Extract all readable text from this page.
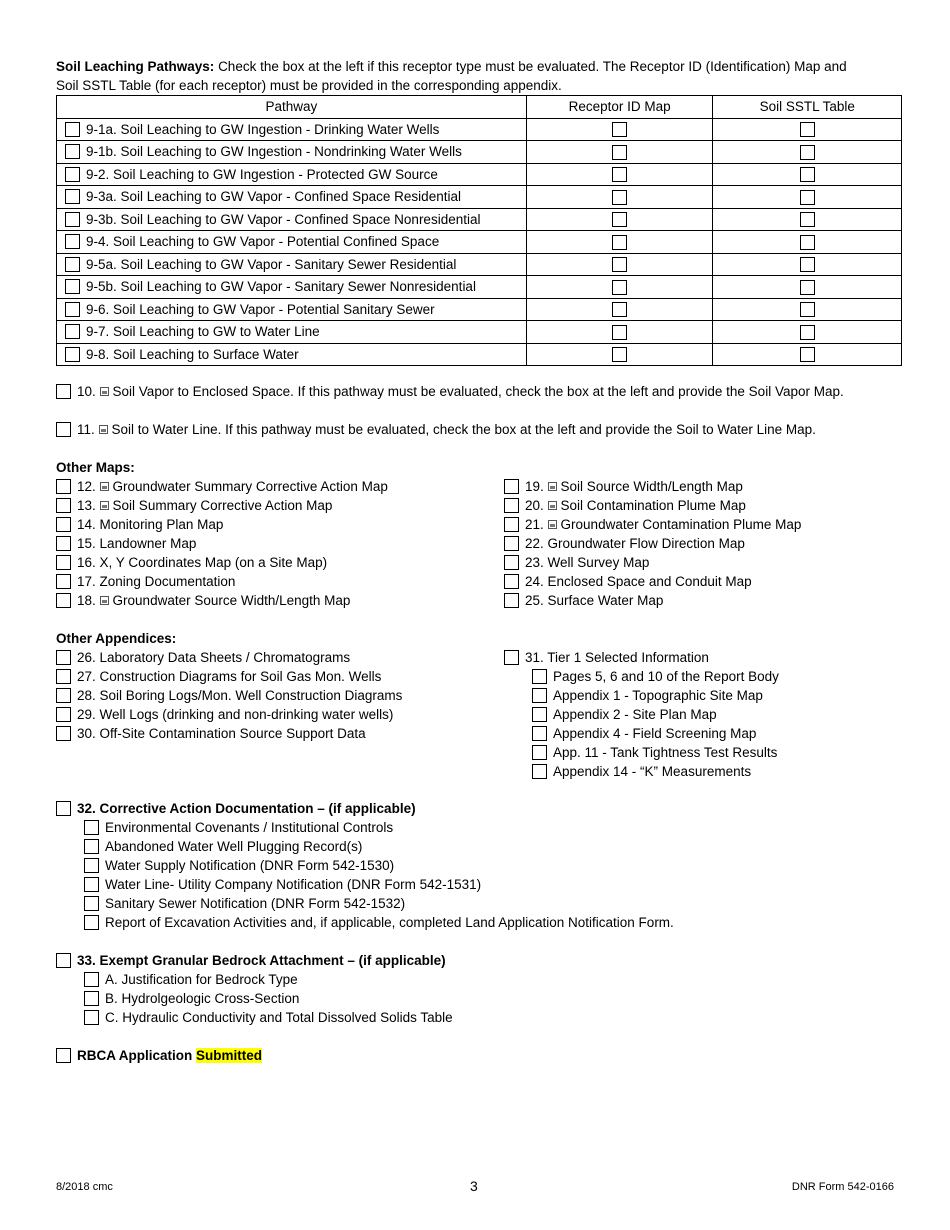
Soil Leaching Pathways: Check the box at the left if this receptor type must be evaluated. The Receptor ID (Identification) Map and
Soil SSTL Table (for each receptor) must be provided in the corresponding appendix.
Pathway	Receptor ID Map	Soil SSTL Table
9-1a. Soil Leaching to GW Ingestion - Drinking Water Wells		
9-1b. Soil Leaching to GW Ingestion - Nondrinking Water Wells		
9-2. Soil Leaching to GW Ingestion - Protected GW Source		
9-3a. Soil Leaching to GW Vapor - Confined Space Residential		
9-3b. Soil Leaching to GW Vapor - Confined Space Nonresidential		
9-4. Soil Leaching to GW Vapor - Potential Confined Space		
9-5a. Soil Leaching to GW Vapor - Sanitary Sewer Residential		
9-5b. Soil Leaching to GW Vapor - Sanitary Sewer Nonresidential		
9-6. Soil Leaching to GW Vapor - Potential Sanitary Sewer		
9-7. Soil Leaching to GW to Water Line		
9-8. Soil Leaching to Surface Water		
10. Soil Vapor to Enclosed Space. If this pathway must be evaluated, check the box at the left and provide the Soil Vapor Map.
11. Soil to Water Line. If this pathway must be evaluated, check the box at the left and provide the Soil to Water Line Map.
Other Maps:
12. Groundwater Summary Corrective Action Map
13. Soil Summary Corrective Action Map
14. Monitoring Plan Map
15. Landowner Map
16. X, Y Coordinates Map (on a Site Map)
17. Zoning Documentation
18. Groundwater Source Width/Length Map
19. Soil Source Width/Length Map
20. Soil Contamination Plume Map
21. Groundwater Contamination Plume Map
22. Groundwater Flow Direction Map
23. Well Survey Map
24. Enclosed Space and Conduit Map
25. Surface Water Map
Other Appendices:
26. Laboratory Data Sheets / Chromatograms
27. Construction Diagrams for Soil Gas Mon. Wells
28. Soil Boring Logs/Mon. Well Construction Diagrams
29. Well Logs (drinking and non-drinking water wells)
30. Off-Site Contamination Source Support Data
31. Tier 1 Selected Information
Pages 5, 6 and 10 of the Report Body
Appendix 1 - Topographic Site Map
Appendix 2 - Site Plan Map
Appendix 4 - Field Screening Map
App. 11 - Tank Tightness Test Results
Appendix 14 - “K” Measurements
32. Corrective Action Documentation – (if applicable)
Environmental Covenants / Institutional Controls
Abandoned Water Well Plugging Record(s)
Water Supply Notification (DNR Form 542-1530)
Water Line- Utility Company Notification (DNR Form 542-1531)
Sanitary Sewer Notification (DNR Form 542-1532)
Report of Excavation Activities and, if applicable, completed Land Application Notification Form.
33. Exempt Granular Bedrock Attachment – (if applicable)
A. Justification for Bedrock Type
B. Hydrolgeologic Cross-Section
C. Hydraulic Conductivity and Total Dissolved Solids Table
RBCA Application Submitted
8/2018 cmc	3	DNR Form 542-0166
